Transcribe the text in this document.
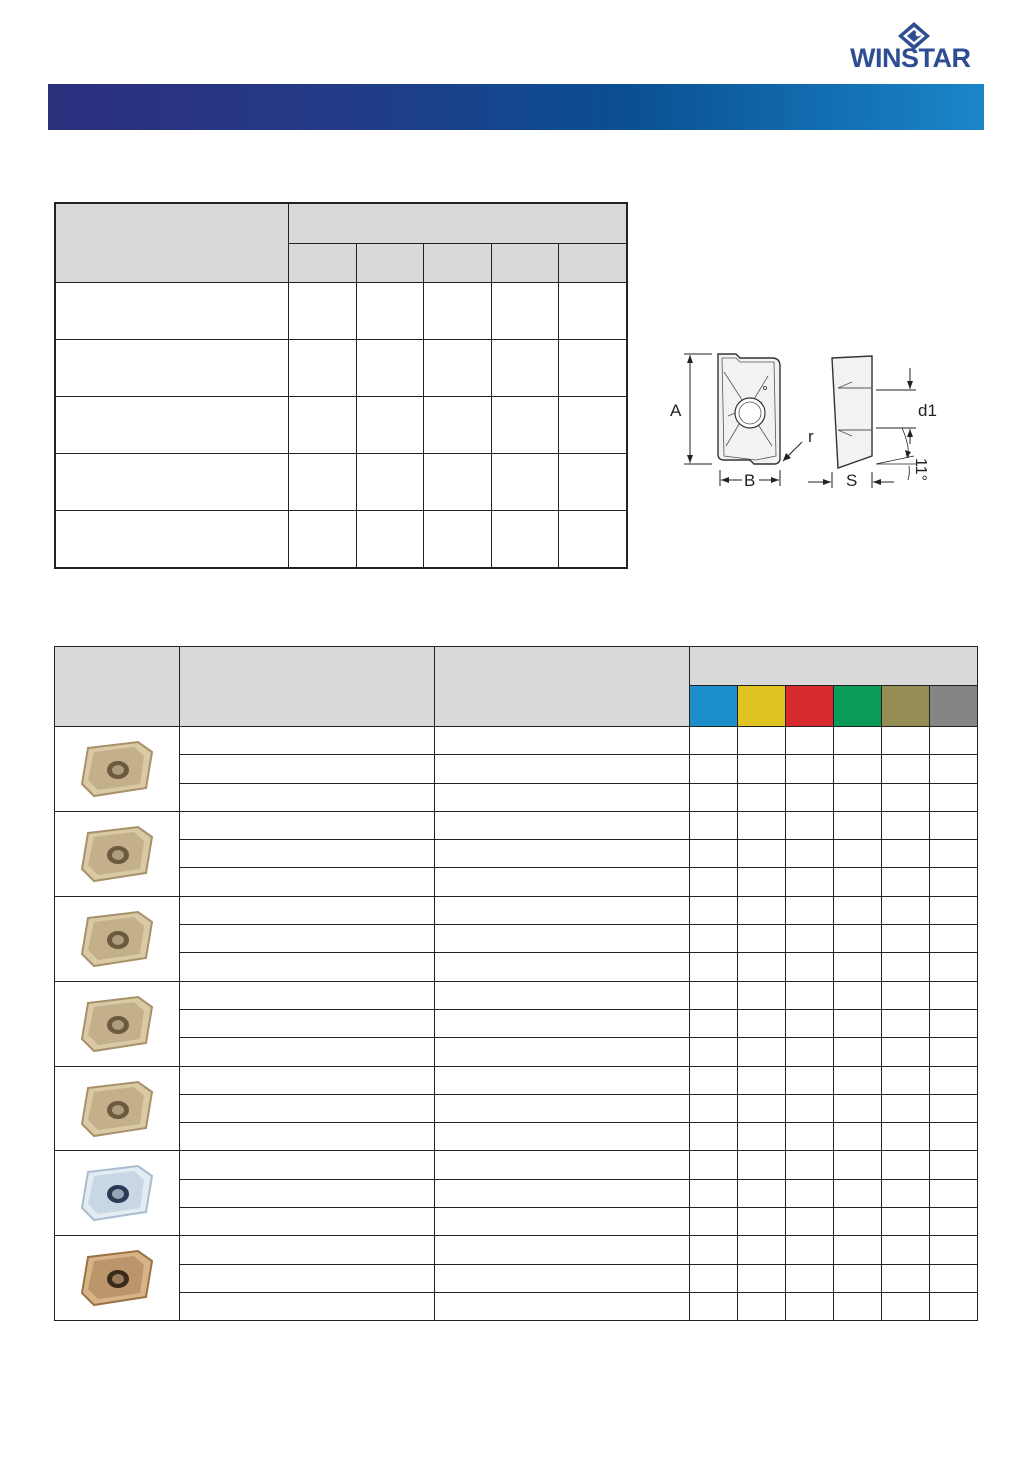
WINSTAR

A
B
r
d1
S	11°
